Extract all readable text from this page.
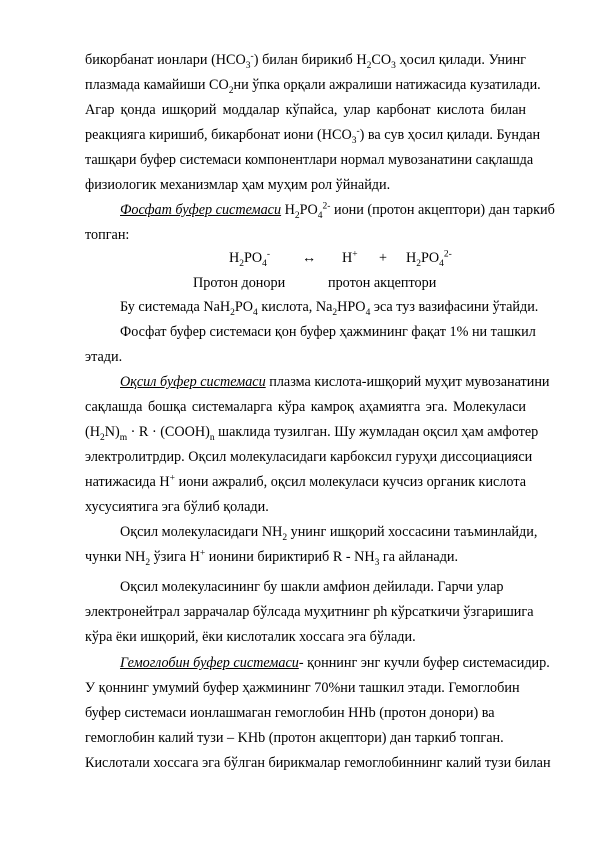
бикорбанат ионлари $(HCO_3^-)$ билан бирикиб $H_2CO_3$ ҳосил қилади. Унинг
плазмада камайиши $CO_2ни$ ўпка орқали ажралиши натижасида кузатилади.
Агар қонда ишқорий моддалар кўпайса, улар карбонат кислота билан
реакцияга киришиб, бикарбонат иони $(HCO_3^-)$ ва сув ҳосил қилади. Бундан
ташқари буфер системаси компонентлари нормал мувозанатини сақлашда
физиологик механизмлар ҳам муҳим рол ўйнайди.
Фосфат буфер системаси $H_2PO_4^{2-}$ иони (протон акцептори) дан таркиб
топган:
$H_2PO_4^-$ ↔ $H^+ + H_2PO_4^{2-}$
Протон донори	протон акцептори
Бу системада $NaH_2PO_4$ кислота, $Na_2HPO_4$ эса туз вазифасини ўтайди.
Фосфат буфер системаси қон буфер ҳажмининг фақат 1% ни ташкил
этади.
Оқсил буфер системаси плазма кислота-ишқорий муҳит мувозанатини
сақлашда бошқа системаларга кўра камроқ аҳамиятга эга. Молекуласи
$(H_2N)_m \cdot R$ · $(COOH)_n$ шаклида тузилган. Шу жумладан оқсил ҳам амфотер
электролитрдир. Оқсил молекуласидаги карбоксил гуруҳи диссоциацияси
натижасида H+ иони ажралиб, оқсил молекуласи кучсиз органик кислота
хусусиятига эга бўлиб қолади.
Оқсил молекуласидаги $NH_2$ унинг ишқорий хоссасини таъминлайди,
чунки $NH_2$ ўзига H+ ионини бириктириб R - $NH_3$ га айланади.
Оқсил молекуласининг бу шакли амфион дейилади. Гарчи улар
электронейтрал заррачалар бўлсада муҳитнинг ph кўрсаткичи ўзгаришига
кўра ёки ишқорий, ёки кислоталик хоссага эга бўлади.
Гемоглобин буфер системаси- қоннинг энг кучли буфер системасидир.
У қоннинг умумий буфер ҳажмининг 70%ни ташкил этади. Гемоглобин
буфер системаси ионлашмаган гемоглобин HHb (протон донори) ва
гемоглобин калий тузи – KHb (протон акцептори) дан таркиб топган.
Кислотали хоссага эга бўлган бирикмалар гемоглобиннинг калий тузи билан
